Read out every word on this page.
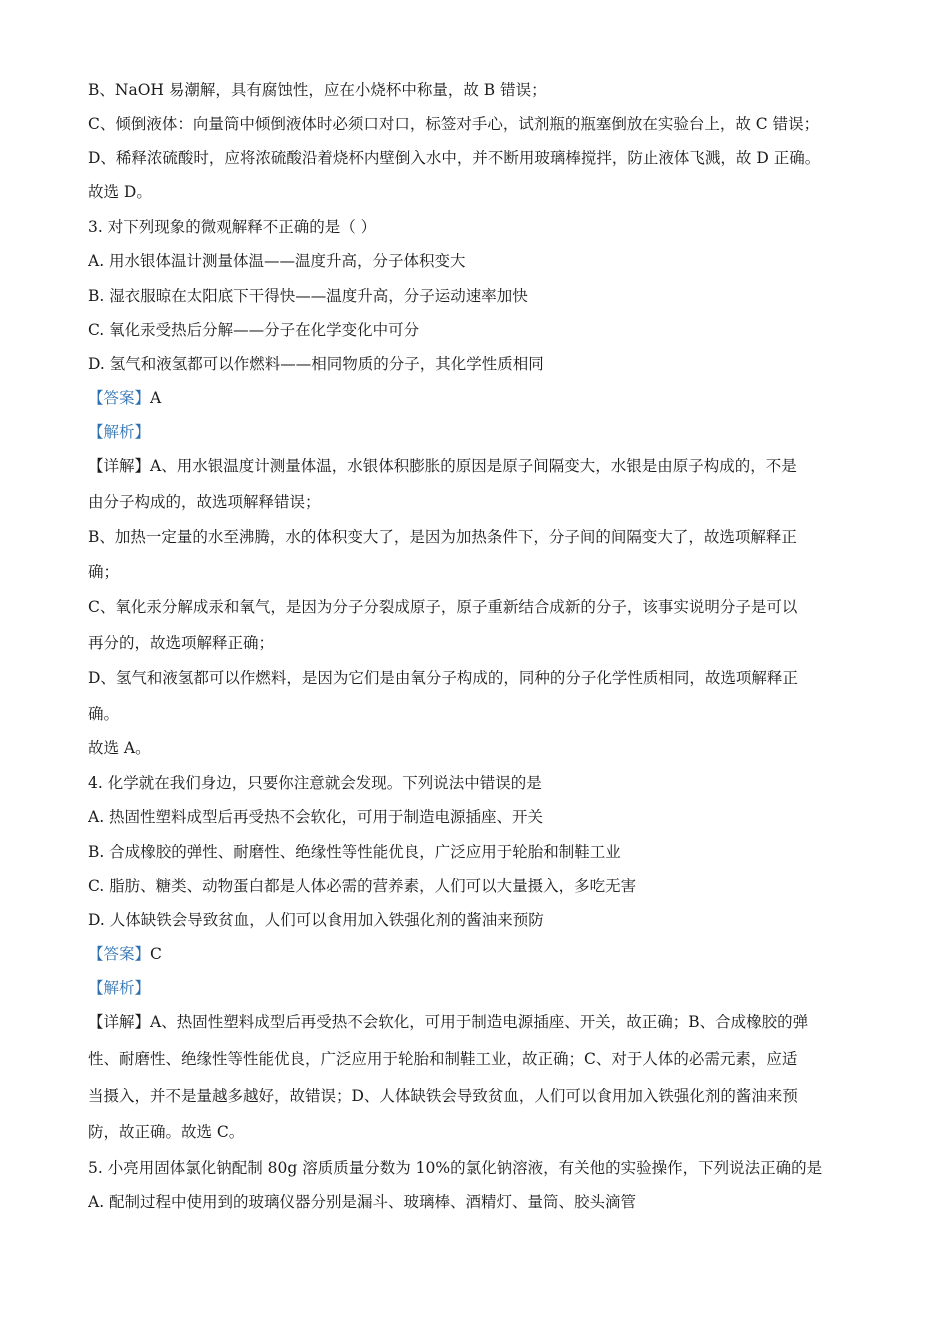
B、NaOH 易潮解，具有腐蚀性，应在小烧杯中称量，故 B 错误；
C、倾倒液体：向量筒中倾倒液体时必须口对口，标签对手心，试剂瓶的瓶塞倒放在实验台上，故 C 错误；
D、稀释浓硫酸时，应将浓硫酸沿着烧杯内壁倒入水中，并不断用玻璃棒搅拌，防止液体飞溅，故 D 正确。
故选 D。
3. 对下列现象的微观解释不正确的是（ ）
A. 用水银体温计测量体温——温度升高，分子体积变大
B. 湿衣服晾在太阳底下干得快——温度升高，分子运动速率加快
C. 氧化汞受热后分解——分子在化学变化中可分
D. 氢气和液氢都可以作燃料——相同物质的分子，其化学性质相同
【答案】A
【解析】
【详解】A、用水银温度计测量体温，水银体积膨胀的原因是原子间隔变大，水银是由原子构成的，不是
由分子构成的，故选项解释错误；
B、加热一定量的水至沸腾，水的体积变大了，是因为加热条件下，分子间的间隔变大了，故选项解释正
确；
C、氧化汞分解成汞和氧气，是因为分子分裂成原子，原子重新结合成新的分子，该事实说明分子是可以
再分的，故选项解释正确；
D、氢气和液氢都可以作燃料，是因为它们是由氧分子构成的，同种的分子化学性质相同，故选项解释正
确。
故选 A。
4. 化学就在我们身边，只要你注意就会发现。下列说法中错误的是
A. 热固性塑料成型后再受热不会软化，可用于制造电源插座、开关
B. 合成橡胶的弹性、耐磨性、绝缘性等性能优良，广泛应用于轮胎和制鞋工业
C. 脂肪、糖类、动物蛋白都是人体必需的营养素，人们可以大量摄入，多吃无害
D. 人体缺铁会导致贫血，人们可以食用加入铁强化剂的酱油来预防
【答案】C
【解析】
【详解】A、热固性塑料成型后再受热不会软化，可用于制造电源插座、开关，故正确；B、合成橡胶的弹
性、耐磨性、绝缘性等性能优良，广泛应用于轮胎和制鞋工业，故正确；C、对于人体的必需元素，应适
当摄入，并不是量越多越好，故错误；D、人体缺铁会导致贫血，人们可以食用加入铁强化剂的酱油来预
防，故正确。故选 C。
5. 小亮用固体氯化钠配制 80g 溶质质量分数为 10%的氯化钠溶液，有关他的实验操作，下列说法正确的是
A. 配制过程中使用到的玻璃仪器分别是漏斗、玻璃棒、酒精灯、量筒、胶头滴管
